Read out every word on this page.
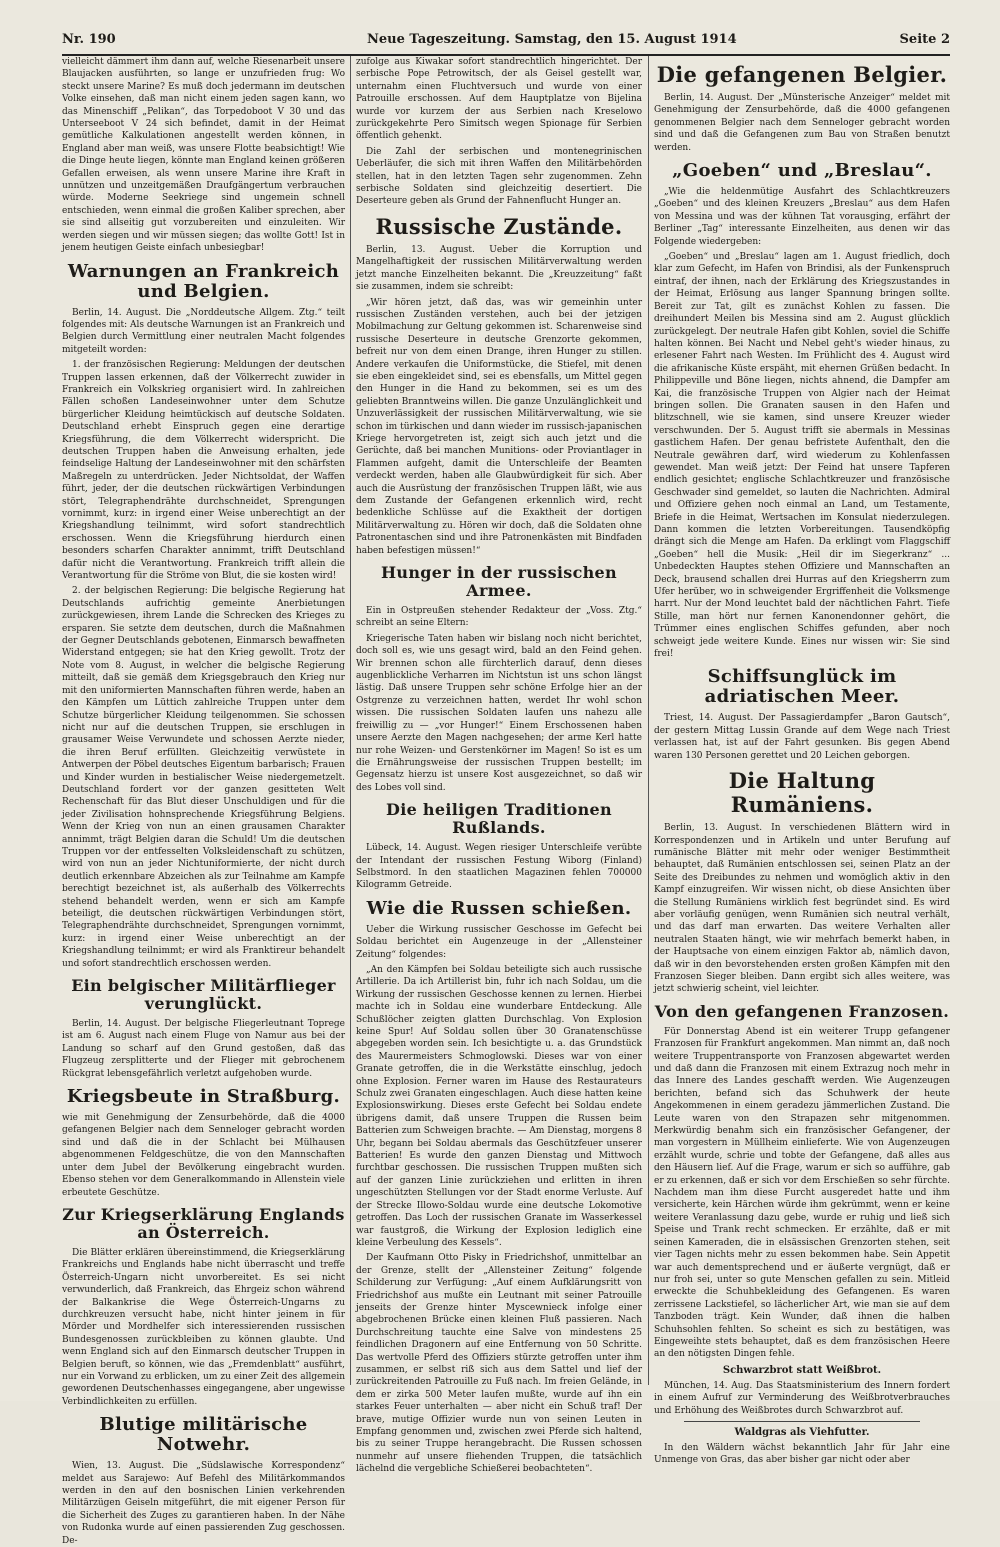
Nr. 190	Neue Tageszeitung. Samstag, den 15. August 1914	Seite 2

vielleicht dämmert ihm dann auf, welche Riesenarbeit unsere Blaujacken ausführten, so lange er unzufrieden frug: Wo steckt unsere Marine? Es muß doch jedermann im deutschen Volke einsehen, daß man nicht einem jeden sagen kann, wo das Minenschiff „Pelikan“, das Torpedoboot V 30 und das Unterseeboot V 24 sich befindet, damit in der Heimat gemütliche Kalkulationen angestellt werden können, in England aber man weiß, was unsere Flotte beabsichtigt! Wie die Dinge heute liegen, könnte man England keinen größeren Gefallen erweisen, als wenn unsere Marine ihre Kraft in unnützen und unzeitgemäßen Draufgängertum verbrauchen würde. Moderne Seekriege sind ungemein schnell entschieden, wenn einmal die großen Kaliber sprechen, aber sie sind allseitig gut vorzubereiten und einzuleiten. Wir werden siegen und wir müssen siegen; das wollte Gott! Ist in jenem heutigen Geiste einfach unbesiegbar!

Warnungen an Frankreich und Belgien.

Berlin, 14. August. Die „Norddeutsche Allgem. Ztg.“ teilt folgendes mit: Als deutsche Warnungen ist an Frankreich und Belgien durch Vermittlung einer neutralen Macht folgendes mitgeteilt worden:

1. der französischen Regierung: Meldungen der deutschen Truppen lassen erkennen, daß der Völkerrecht zuwider in Frankreich ein Volkskrieg organisiert wird. In zahlreichen Fällen schoßen Landeseinwohner unter dem Schutze bürgerlicher Kleidung heimtückisch auf deutsche Soldaten. Deutschland erhebt Einspruch gegen eine derartige Kriegsführung, die dem Völkerrecht widerspricht. Die deutschen Truppen haben die Anweisung erhalten, jede feindselige Haltung der Landeseinwohner mit den schärfsten Maßregeln zu unterdrücken. Jeder Nichtsoldat, der Waffen führt, jeder, der die deutschen rückwärtigen Verbindungen stört, Telegraphendrähte durchschneidet, Sprengungen vornimmt, kurz: in irgend einer Weise unberechtigt an der Kriegshandlung teilnimmt, wird sofort standrechtlich erschossen. Wenn die Kriegsführung hierdurch einen besonders scharfen Charakter annimmt, trifft Deutschland dafür nicht die Verantwortung. Frankreich trifft allein die Verantwortung für die Ströme von Blut, die sie kosten wird!

2. der belgischen Regierung: Die belgische Regierung hat Deutschlands aufrichtig gemeinte Anerbietungen zurückgewiesen, ihrem Lande die Schrecken des Krieges zu ersparen. Sie setzte dem deutschen, durch die Maßnahmen der Gegner Deutschlands gebotenen, Einmarsch bewaffneten Widerstand entgegen; sie hat den Krieg gewollt. Trotz der Note vom 8. August, in welcher die belgische Regierung mitteilt, daß sie gemäß dem Kriegsgebrauch den Krieg nur mit den uniformierten Mannschaften führen werde, haben an den Kämpfen um Lüttich zahlreiche Truppen unter dem Schutze bürgerlicher Kleidung teilgenommen. Sie schossen nicht nur auf die deutschen Truppen, sie erschlugen in grausamer Weise Verwundete und schossen Aerzte nieder, die ihren Beruf erfüllten. Gleichzeitig verwüstete in Antwerpen der Pöbel deutsches Eigentum barbarisch; Frauen und Kinder wurden in bestialischer Weise niedergemetzelt. Deutschland fordert vor der ganzen gesitteten Welt Rechenschaft für das Blut dieser Unschuldigen und für die jeder Zivilisation hohnsprechende Kriegsführung Belgiens. Wenn der Krieg von nun an einen grausamen Charakter annimmt, trägt Belgien daran die Schuld! Um die deutschen Truppen vor der entfesselten Volksleidenschaft zu schützen, wird von nun an jeder Nichtuniformierte, der nicht durch deutlich erkennbare Abzeichen als zur Teilnahme am Kampfe berechtigt bezeichnet ist, als außerhalb des Völkerrechts stehend behandelt werden, wenn er sich am Kampfe beteiligt, die deutschen rückwärtigen Verbindungen stört, Telegraphendrähte durchschneidet, Sprengungen vornimmt, kurz: in irgend einer Weise unberechtigt an der Kriegshandlung teilnimmt; er wird als Franktireur behandelt und sofort standrechtlich erschossen werden.

Ein belgischer Militärflieger verunglückt.

Berlin, 14. August. Der belgische Fliegerleutnant Toprege ist am 6. August nach einem Fluge von Namur aus bei der Landung so scharf auf den Grund gestoßen, daß das Flugzeug zersplitterte und der Flieger mit gebrochenem Rückgrat lebensgefährlich verletzt aufgehoben wurde.

Kriegsbeute in Straßburg.

wie mit Genehmigung der Zensurbehörde, daß die 4000 gefangenen Belgier nach dem Senneloger gebracht worden sind und daß die in der Schlacht bei Mülhausen abgenommenen Feldgeschütze, die von den Mannschaften unter dem Jubel der Bevölkerung eingebracht wurden. Ebenso stehen vor dem Generalkommando in Allenstein viele erbeutete Geschütze.

Zur Kriegserklärung Englands an Österreich.

Die Blätter erklären übereinstimmend, die Kriegserklärung Frankreichs und Englands habe nicht überrascht und treffe Österreich-Ungarn nicht unvorbereitet. Es sei nicht verwunderlich, daß Frankreich, das Ehrgeiz schon während der Balkankrise die Wege Österreich-Ungarns zu durchkreuzen versucht habe, nicht hinter jeinem in für Mörder und Mordhelfer sich interessierenden russischen Bundesgenossen zurückbleiben zu können glaubte. Und wenn England sich auf den Einmarsch deutscher Truppen in Belgien beruft, so können, wie das „Fremdenblatt“ ausführt, nur ein Vorwand zu erblicken, um zu einer Zeit des allgemein gewordenen Deutschenhasses eingegangene, aber ungewisse Verbindlichkeiten zu erfüllen.

Blutige militärische Notwehr.

Wien, 13. August. Die „Südslawische Korrespondenz“ meldet aus Sarajewo: Auf Befehl des Militärkommandos werden in den auf den bosnischen Linien verkehrenden Militärzügen Geiseln mitgeführt, die mit eigener Person für die Sicherheit des Zuges zu garantieren haben. In der Nähe von Rudonka wurde auf einen passierenden Zug geschossen. De-

zufolge aus Kiwakar sofort standrechtlich hingerichtet. Der serbische Pope Petrowitsch, der als Geisel gestellt war, unternahm einen Fluchtversuch und wurde von einer Patrouille erschossen. Auf dem Hauptplatze von Bijelina wurde vor kurzem der aus Serbien nach Kreselowo zurückgekehrte Pero Simitsch wegen Spionage für Serbien öffentlich gehenkt.

Die Zahl der serbischen und montenegrinischen Ueberläufer, die sich mit ihren Waffen den Militärbehörden stellen, hat in den letzten Tagen sehr zugenommen. Zehn serbische Soldaten sind gleichzeitig desertiert. Die Deserteure geben als Grund der Fahnenflucht Hunger an.

Russische Zustände.

Berlin, 13. August. Ueber die Korruption und Mangelhaftigkeit der russischen Militärverwaltung werden jetzt manche Einzelheiten bekannt. Die „Kreuzzeitung“ faßt sie zusammen, indem sie schreibt:

„Wir hören jetzt, daß das, was wir gemeinhin unter russischen Zuständen verstehen, auch bei der jetzigen Mobilmachung zur Geltung gekommen ist. Scharenweise sind russische Deserteure in deutsche Grenzorte gekommen, befreit nur von dem einen Drange, ihren Hunger zu stillen. Andere verkaufen die Uniformstücke, die Stiefel, mit denen sie eben eingekleidet sind, sei es ebensfalls, um Mittel gegen den Hunger in die Hand zu bekommen, sei es um des geliebten Branntweins willen. Die ganze Unzulänglichkeit und Unzuverlässigkeit der russischen Militärverwaltung, wie sie schon im türkischen und dann wieder im russisch-japanischen Kriege hervorgetreten ist, zeigt sich auch jetzt und die Gerüchte, daß bei manchen Munitions- oder Proviantlager in Flammen aufgeht, damit die Unterschleife der Beamten verdeckt werden, haben alle Glaubwürdigkeit für sich. Aber auch die Ausrüstung der französischen Truppen läßt, wie aus dem Zustande der Gefangenen erkennlich wird, recht bedenkliche Schlüsse auf die Exaktheit der dortigen Militärverwaltung zu. Hören wir doch, daß die Soldaten ohne Patronentaschen sind und ihre Patronenkästen mit Bindfaden haben befestigen müssen!“

Hunger in der russischen Armee.

Ein in Ostpreußen stehender Redakteur der „Voss. Ztg.“ schreibt an seine Eltern:

Kriegerische Taten haben wir bislang noch nicht berichtet, doch soll es, wie uns gesagt wird, bald an den Feind gehen. Wir brennen schon alle fürchterlich darauf, denn dieses augenblickliche Verharren im Nichtstun ist uns schon längst lästig. Daß unsere Truppen sehr schöne Erfolge hier an der Ostgrenze zu verzeichnen hatten, werdet Ihr wohl schon wissen. Die russischen Soldaten laufen uns nahezu alle freiwillig zu — „vor Hunger!“ Einem Erschossenen haben unsere Aerzte den Magen nachgesehen; der arme Kerl hatte nur rohe Weizen- und Gerstenkörner im Magen! So ist es um die Ernährungsweise der russischen Truppen bestellt; im Gegensatz hierzu ist unsere Kost ausgezeichnet, so daß wir des Lobes voll sind.

Die heiligen Traditionen Rußlands.

Lübeck, 14. August. Wegen riesiger Unterschleife verübte der Intendant der russischen Festung Wiborg (Finland) Selbstmord. In den staatlichen Magazinen fehlen 700000 Kilogramm Getreide.

Wie die Russen schießen.

Ueber die Wirkung russischer Geschosse im Gefecht bei Soldau berichtet ein Augenzeuge in der „Allensteiner Zeitung“ folgendes:

„An den Kämpfen bei Soldau beteiligte sich auch russische Artillerie. Da ich Artillerist bin, fuhr ich nach Soldau, um die Wirkung der russischen Geschosse kennen zu lernen. Hierbei machte ich in Soldau eine wunderbare Entdeckung. Alle Schußlöcher zeigten glatten Durchschlag. Von Explosion keine Spur! Auf Soldau sollen über 30 Granatenschüsse abgegeben worden sein. Ich besichtigte u. a. das Grundstück des Maurermeisters Schmoglowski. Dieses war von einer Granate getroffen, die in die Werkstätte einschlug, jedoch ohne Explosion. Ferner waren im Hause des Restaurateurs Schulz zwei Granaten eingeschlagen. Auch diese hatten keine Explosionswirkung. Dieses erste Gefecht bei Soldau endete übrigens damit, daß unsere Truppen die Russen beim Batterien zum Schweigen brachte. — Am Dienstag, morgens 8 Uhr, begann bei Soldau abermals das Geschützfeuer unserer Batterien! Es wurde den ganzen Dienstag und Mittwoch furchtbar geschossen. Die russischen Truppen mußten sich auf der ganzen Linie zurückziehen und erlitten in ihren ungeschützten Stellungen vor der Stadt enorme Verluste. Auf der Strecke Illowo-Soldau wurde eine deutsche Lokomotive getroffen. Das Loch der russischen Granate im Wasserkessel war faustgroß, die Wirkung der Explosion lediglich eine kleine Verbeulung des Kessels“.

Der Kaufmann Otto Pisky in Friedrichshof, unmittelbar an der Grenze, stellt der „Allensteiner Zeitung“ folgende Schilderung zur Verfügung: „Auf einem Aufklärungsritt von Friedrichshof aus mußte ein Leutnant mit seiner Patrouille jenseits der Grenze hinter Myscewnieck infolge einer abgebrochenen Brücke einen kleinen Fluß passieren. Nach Durchschreitung tauchte eine Salve von mindestens 25 feindlichen Dragonern auf eine Entfernung von 50 Schritte. Das wertvolle Pferd des Offiziers stürzte getroffen unter ihm zusammen, er selbst riß sich aus dem Sattel und lief der zurückreitenden Patrouille zu Fuß nach. Im freien Gelände, in dem er zirka 500 Meter laufen mußte, wurde auf ihn ein starkes Feuer unterhalten — aber nicht ein Schuß traf! Der brave, mutige Offizier wurde nun von seinen Leuten in Empfang genommen und, zwischen zwei Pferde sich haltend, bis zu seiner Truppe herangebracht. Die Russen schossen nunmehr auf unsere fliehenden Truppen, die tatsächlich lächelnd die vergebliche Schießerei beobachteten“.

Die gefangenen Belgier.

Berlin, 14. August. Der „Münsterische Anzeiger“ meldet mit Genehmigung der Zensurbehörde, daß die 4000 gefangenen genommenen Belgier nach dem Senneloger gebracht worden sind und daß die Gefangenen zum Bau von Straßen benutzt werden.

„Goeben“ und „Breslau“.

„Wie die heldenmütige Ausfahrt des Schlachtkreuzers „Goeben“ und des kleinen Kreuzers „Breslau“ aus dem Hafen von Messina und was der kühnen Tat vorausging, erfährt der Berliner „Tag“ interessante Einzelheiten, aus denen wir das Folgende wiedergeben:

„Goeben“ und „Breslau“ lagen am 1. August friedlich, doch klar zum Gefecht, im Hafen von Brindisi, als der Funkenspruch eintraf, der ihnen, nach der Erklärung des Kriegszustandes in der Heimat, Erlösung aus langer Spannung bringen sollte. Bereit zur Tat, gilt es zunächst Kohlen zu fassen. Die dreihundert Meilen bis Messina sind am 2. August glücklich zurückgelegt. Der neutrale Hafen gibt Kohlen, soviel die Schiffe halten können. Bei Nacht und Nebel geht's wieder hinaus, zu erlesener Fahrt nach Westen. Im Frühlicht des 4. August wird die afrikanische Küste erspäht, mit ehernen Grüßen bedacht. In Philippeville und Böne liegen, nichts ahnend, die Dampfer am Kai, die französische Truppen von Algier nach der Heimat bringen sollen. Die Granaten sausen in den Hafen und blitzschnell, wie sie kamen, sind unsere Kreuzer wieder verschwunden. Der 5. August trifft sie abermals in Messinas gastlichem Hafen. Der genau befristete Aufenthalt, den die Neutrale gewähren darf, wird wiederum zu Kohlenfassen gewendet. Man weiß jetzt: Der Feind hat unsere Tapferen endlich gesichtet; englische Schlachtkreuzer und französische Geschwader sind gemeldet, so lauten die Nachrichten. Admiral und Offiziere gehen noch einmal an Land, um Testamente, Briefe in die Heimat, Wertsachen im Konsulat niederzulegen. Dann kommen die letzten Vorbereitungen. Tausendköpfig drängt sich die Menge am Hafen. Da erklingt vom Flaggschiff „Goeben“ hell die Musik: „Heil dir im Siegerkranz“ ... Unbedeckten Hauptes stehen Offiziere und Mannschaften an Deck, brausend schallen drei Hurras auf den Kriegsherrn zum Ufer herüber, wo in schweigender Ergriffenheit die Volksmenge harrt. Nur der Mond leuchtet bald der nächtlichen Fahrt. Tiefe Stille, man hört nur fernen Kanonendonner gehört, die Trümmer eines englischen Schiffes gefunden, aber noch schweigt jede weitere Kunde. Eines nur wissen wir: Sie sind frei!

Schiffsunglück im adriatischen Meer.

Triest, 14. August. Der Passagierdampfer „Baron Gautsch“, der gestern Mittag Lussin Grande auf dem Wege nach Triest verlassen hat, ist auf der Fahrt gesunken. Bis gegen Abend waren 130 Personen gerettet und 20 Leichen geborgen.

Die Haltung Rumäniens.

Berlin, 13. August. In verschiedenen Blättern wird in Korrespondenzen und in Artikeln und unter Berufung auf rumänische Blätter mit mehr oder weniger Bestimmtheit behauptet, daß Rumänien entschlossen sei, seinen Platz an der Seite des Dreibundes zu nehmen und womöglich aktiv in den Kampf einzugreifen. Wir wissen nicht, ob diese Ansichten über die Stellung Rumäniens wirklich fest begründet sind. Es wird aber vorläufig genügen, wenn Rumänien sich neutral verhält, und das darf man erwarten. Das weitere Verhalten aller neutralen Staaten hängt, wie wir mehrfach bemerkt haben, in der Hauptsache von einem einzigen Faktor ab, nämlich davon, daß wir in den bevorstehenden ersten großen Kämpfen mit den Franzosen Sieger bleiben. Dann ergibt sich alles weitere, was jetzt schwierig scheint, viel leichter.

Von den gefangenen Franzosen.

Für Donnerstag Abend ist ein weiterer Trupp gefangener Franzosen für Frankfurt angekommen. Man nimmt an, daß noch weitere Truppentransporte von Franzosen abgewartet werden und daß dann die Franzosen mit einem Extrazug noch mehr in das Innere des Landes geschafft werden. Wie Augenzeugen berichten, befand sich das Schuhwerk der heute Angekommenen in einem geradezu jämmerlichen Zustand. Die Leute waren von den Strapazen sehr mitgenommen. Merkwürdig benahm sich ein französischer Gefangener, der man vorgestern in Müllheim einlieferte. Wie von Augenzeugen erzählt wurde, schrie und tobte der Gefangene, daß alles aus den Häusern lief. Auf die Frage, warum er sich so aufführe, gab er zu erkennen, daß er sich vor dem Erschießen so sehr fürchte. Nachdem man ihm diese Furcht ausgeredet hatte und ihm versicherte, kein Härchen würde ihm gekrümmt, wenn er keine weitere Veranlassung dazu gebe, wurde er ruhig und ließ sich Speise und Trank recht schmecken. Er erzählte, daß er mit seinen Kameraden, die in elsässischen Grenzorten stehen, seit vier Tagen nichts mehr zu essen bekommen habe. Sein Appetit war auch dementsprechend und er äußerte vergnügt, daß er nur froh sei, unter so gute Menschen gefallen zu sein. Mitleid erweckte die Schuhbekleidung des Gefangenen. Es waren zerrissene Lackstiefel, so lächerlicher Art, wie man sie auf dem Tanzboden trägt. Kein Wunder, daß ihnen die halben Schuhsohlen fehlten. So scheint es sich zu bestätigen, was Eingeweihte stets behauptet, daß es dem französischen Heere an den nötigsten Dingen fehle.

Schwarzbrot statt Weißbrot.

München, 14. Aug. Das Staatsministerium des Innern fordert in einem Aufruf zur Verminderung des Weißbrotverbrauches und Erhöhung des Weißbrotes durch Schwarzbrot auf.

Waldgras als Viehfutter.

In den Wäldern wächst bekanntlich Jahr für Jahr eine Unmenge von Gras, das aber bisher gar nicht oder aber
